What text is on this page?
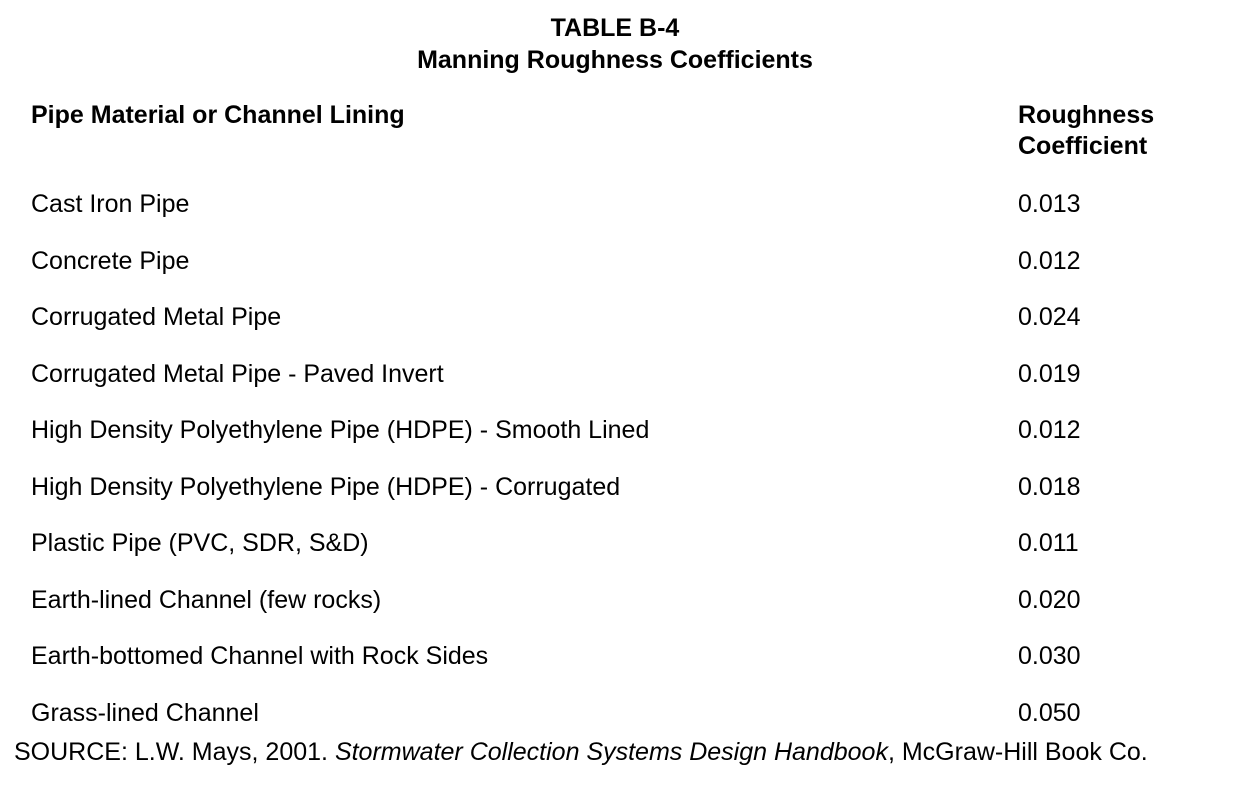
TABLE B-4
Manning Roughness Coefficients
Pipe Material or Channel Lining	Roughness
Coefficient
Cast Iron Pipe	0.013
Concrete Pipe	0.012
Corrugated Metal Pipe	0.024
Corrugated Metal Pipe - Paved Invert	0.019
High Density Polyethylene Pipe (HDPE) - Smooth Lined	0.012
High Density Polyethylene Pipe (HDPE) - Corrugated	0.018
Plastic Pipe (PVC, SDR, S&D)	0.011
Earth-lined Channel (few rocks)	0.020
Earth-bottomed Channel with Rock Sides	0.030
Grass-lined Channel	0.050
SOURCE: L.W. Mays, 2001. Stormwater Collection Systems Design Handbook, McGraw-Hill Book Co.
